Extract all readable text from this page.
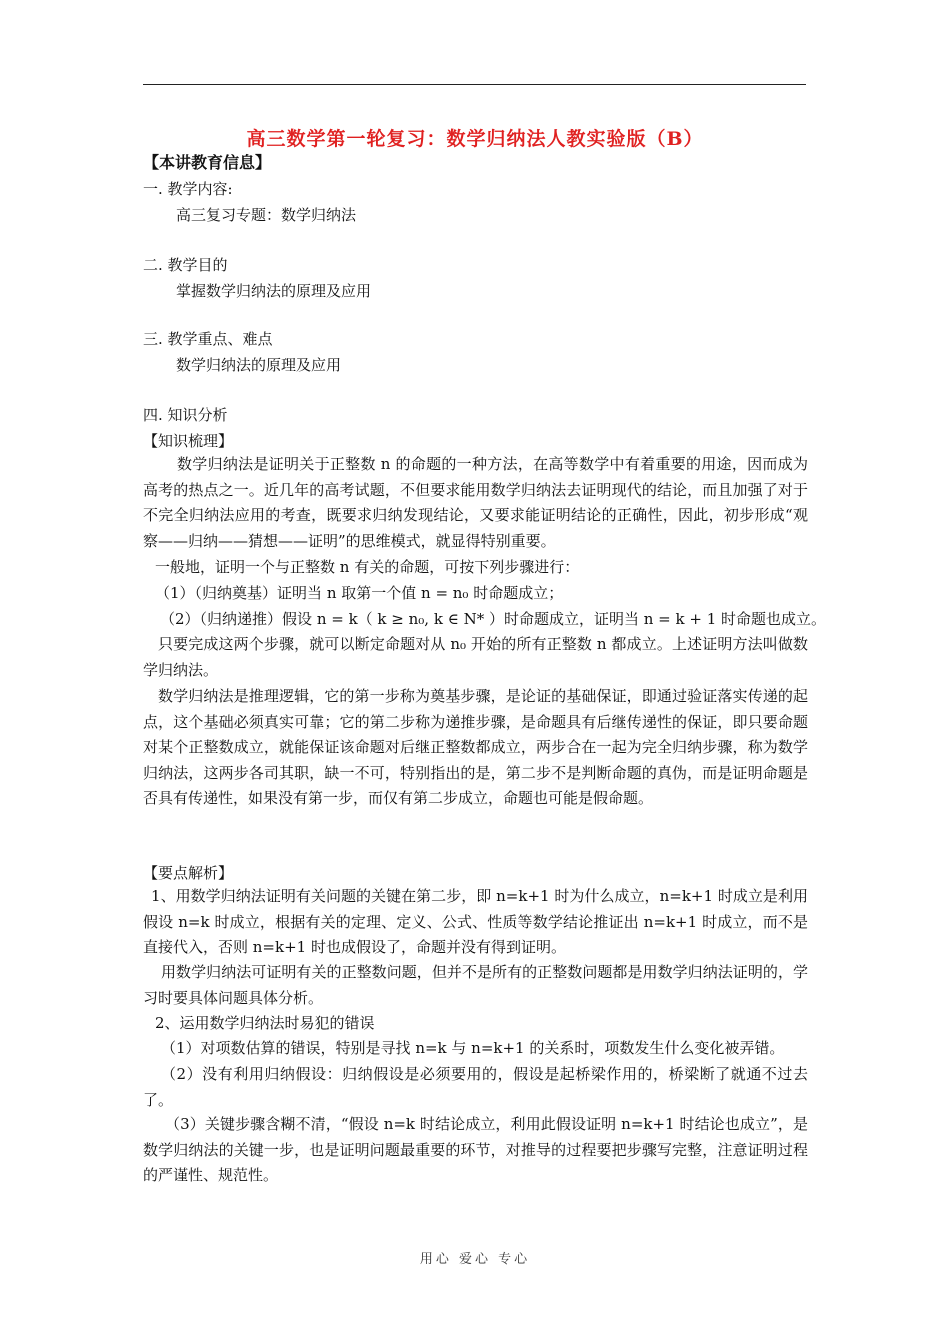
高三数学第一轮复习：数学归纳法人教实验版（B）
【本讲教育信息】
一. 教学内容:
高三复习专题：数学归纳法
二. 教学目的
掌握数学归纳法的原理及应用
三. 教学重点、难点
数学归纳法的原理及应用
四. 知识分析
【知识梳理】
数学归纳法是证明关于正整数 n 的命题的一种方法，在高等数学中有着重要的用途，因而成为高考的热点之一。近几年的高考试题，不但要求能用数学归纳法去证明现代的结论，而且加强了对于不完全归纳法应用的考查，既要求归纳发现结论，又要求能证明结论的正确性，因此，初步形成“观察——归纳——猜想——证明”的思维模式，就显得特别重要。
一般地，证明一个与正整数 n 有关的命题，可按下列步骤进行：
（1）（归纳奠基）证明当 n 取第一个值 n = n₀ 时命题成立；
（2）（归纳递推）假设 n = k（ k ≥ n₀, k ∈ N* ）时命题成立，证明当 n = k + 1 时命题也成立。
只要完成这两个步骤，就可以断定命题对从 n₀ 开始的所有正整数 n 都成立。上述证明方法叫做数学归纳法。
数学归纳法是推理逻辑，它的第一步称为奠基步骤，是论证的基础保证，即通过验证落实传递的起点，这个基础必须真实可靠；它的第二步称为递推步骤，是命题具有后继传递性的保证，即只要命题对某个正整数成立，就能保证该命题对后继正整数都成立，两步合在一起为完全归纳步骤，称为数学归纳法，这两步各司其职，缺一不可，特别指出的是，第二步不是判断命题的真伪，而是证明命题是否具有传递性，如果没有第一步，而仅有第二步成立，命题也可能是假命题。
【要点解析】
1、用数学归纳法证明有关问题的关键在第二步，即 n=k+1 时为什么成立，n=k+1 时成立是利用假设 n=k 时成立，根据有关的定理、定义、公式、性质等数学结论推证出 n=k+1 时成立，而不是直接代入，否则 n=k+1 时也成假设了，命题并没有得到证明。
用数学归纳法可证明有关的正整数问题，但并不是所有的正整数问题都是用数学归纳法证明的，学习时要具体问题具体分析。
2、运用数学归纳法时易犯的错误
（1）对项数估算的错误，特别是寻找 n=k 与 n=k+1 的关系时，项数发生什么变化被弄错。
（2）没有利用归纳假设：归纳假设是必须要用的，假设是起桥梁作用的，桥梁断了就通不过去了。
（3）关键步骤含糊不清，“假设 n=k 时结论成立，利用此假设证明 n=k+1 时结论也成立”，是数学归纳法的关键一步，也是证明问题最重要的环节，对推导的过程要把步骤写完整，注意证明过程的严谨性、规范性。
用心 爱心 专心
